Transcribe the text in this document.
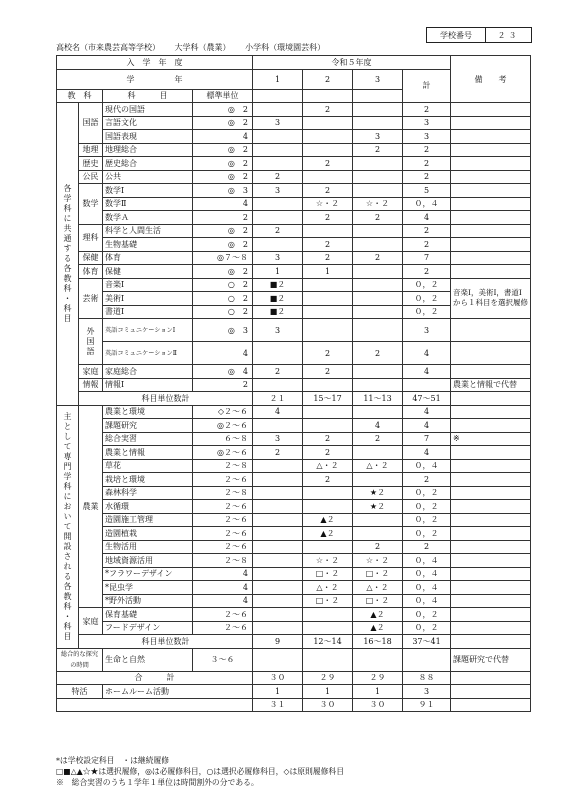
学校番号	２３
高校名（市来農芸高等学校） 大学科（農業） 小学科（環境園芸科）
入　学　年　度				令和５年度				備　　考
学　　　　　年				1	2	3	計	
教　科		科　　　目	標準単位					
各学科に共通する各教科・科目	国語	現代の国語	◎　2		2		2	
		言語文化	◎　2	3			3	
		国語表現	4			3	3	
	地理	地理総合	◎　2			2	2	
	歴史	歴史総合	◎　2		2		2	
	公民	公共	◎　2	2			2	
	数学	数学Ⅰ	◎　3	3	2		5	
		数学Ⅱ	4		☆・２	☆・２	０，４	
		数学Ａ	2		2	2	4	
	理科	科学と人間生活	◎　2	2			2	
		生物基礎	◎　2		2		2	
	保健	体育	◎７～８	3	2	2	7	
	体育	保健	◎　2	1	1		2	
	芸術	音楽Ⅰ	○　2	■２			０，２	音楽Ⅰ，美術Ⅰ，書道Ⅰから１科目を選択履修
		美術Ⅰ	○　2	■２			０，２	
		書道Ⅰ	○　2	■２			０，２	
	外国語	英語コミュニケーションⅠ	◎　3	3			3	
		英語コミュニケーションⅡ	4		2	2	4	
	家庭	家庭総合	◎　4	2	2		4	
	情報	情報Ⅰ	2					農業と情報で代替
	科目単位数計			２１	15～17	11～13	47～51	
主として専門学科において開設される各教科・科目	農業	農業と環境	◇２～６	4			4	
		課題研究	◎２～６			4	4	
		総合実習	６～８	3	2	2	7	※
		農業と情報	◎２～６	2	2		4	
		草花	２～８		△・２	△・２	０，４	
		栽培と環境	２～６		2		2	
		森林科学	２～８			★２	０，２	
		水循環	２～６			★２	０，２	
		造園施工管理	２～６		▲２		０，２	
		造園植栽	２～６		▲２		０，２	
		生物活用	２～６			2	2	
		地域資源活用	２～８		☆・２	☆・２	０，４	
		*フラワーデザイン	4		□・２	□・２	０，４	
		*昆虫学	4		△・２	△・２	０，４	
		*野外活動	4		□・２	□・２	０，４	
	家庭	保育基礎	２～６			▲２	０，２	
		フードデザイン	２～６			▲２	０，２	
	科目単位数計			9	12～14	16～18	37～41	
総合的な探究の時間		生命と自然	３～６					課題研究で代替
合　　　計				３０	２９	２９	８８	
特活		ホームルーム活動		1	1	1	3	
				３１	３０	３０	９１	
*は学校設定科目　・は継続履修
□■△▲☆★は選択履修，◎は必履修科目，○は選択必履修科目，◇は原則履修科目
※　総合実習のうち１学年１単位は時間割外の分である。
